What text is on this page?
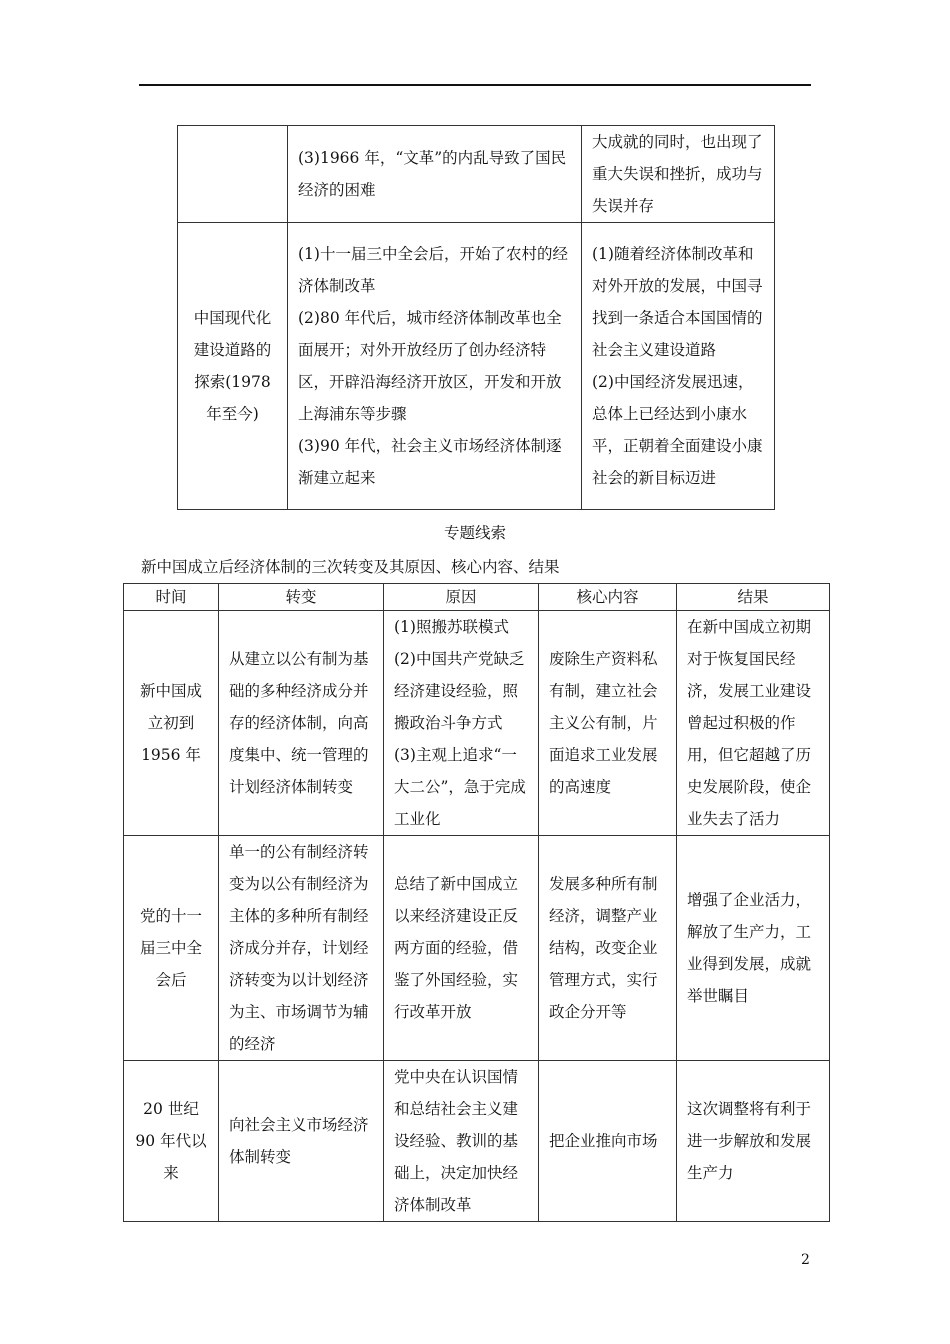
	(3)1966 年，“文革”的内乱导致了国民经济的困难	大成就的同时，也出现了重大失误和挫折，成功与失误并存

中国现代化建设道路的探索(1978 年至今)	(1)十一届三中全会后，开始了农村的经济体制改革
(2)80 年代后，城市经济体制改革也全面展开；对外开放经历了创办经济特区，开辟沿海经济开放区，开发和开放上海浦东等步骤
(3)90 年代，社会主义市场经济体制逐渐建立起来	(1)随着经济体制改革和对外开放的发展，中国寻找到一条适合本国国情的社会主义建设道路
(2)中国经济发展迅速，总体上已经达到小康水平，正朝着全面建设小康社会的新目标迈进
专题线索
新中国成立后经济体制的三次转变及其原因、核心内容、结果
时间	转变	原因	核心内容	结果
新中国成立初到1956 年	从建立以公有制为基础的多种经济成分并存的经济体制，向高度集中、统一管理的计划经济体制转变	(1)照搬苏联模式
(2)中国共产党缺乏经济建设经验，照搬政治斗争方式
(3)主观上追求“一大二公”，急于完成工业化	废除生产资料私有制，建立社会主义公有制，片面追求工业发展的高速度	在新中国成立初期对于恢复国民经济，发展工业建设曾起过积极的作用，但它超越了历史发展阶段，使企业失去了活力
党的十一届三中全会后	单一的公有制经济转变为以公有制经济为主体的多种所有制经济成分并存，计划经济转变为以计划经济为主、市场调节为辅的经济	总结了新中国成立以来经济建设正反两方面的经验，借鉴了外国经验，实行改革开放	发展多种所有制经济，调整产业结构，改变企业管理方式，实行政企分开等	增强了企业活力，解放了生产力，工业得到发展，成就举世瞩目
20 世纪 90 年代以来	向社会主义市场经济体制转变	党中央在认识国情和总结社会主义建设经验、教训的基础上，决定加快经济体制改革	把企业推向市场	这次调整将有利于进一步解放和发展生产力
2
